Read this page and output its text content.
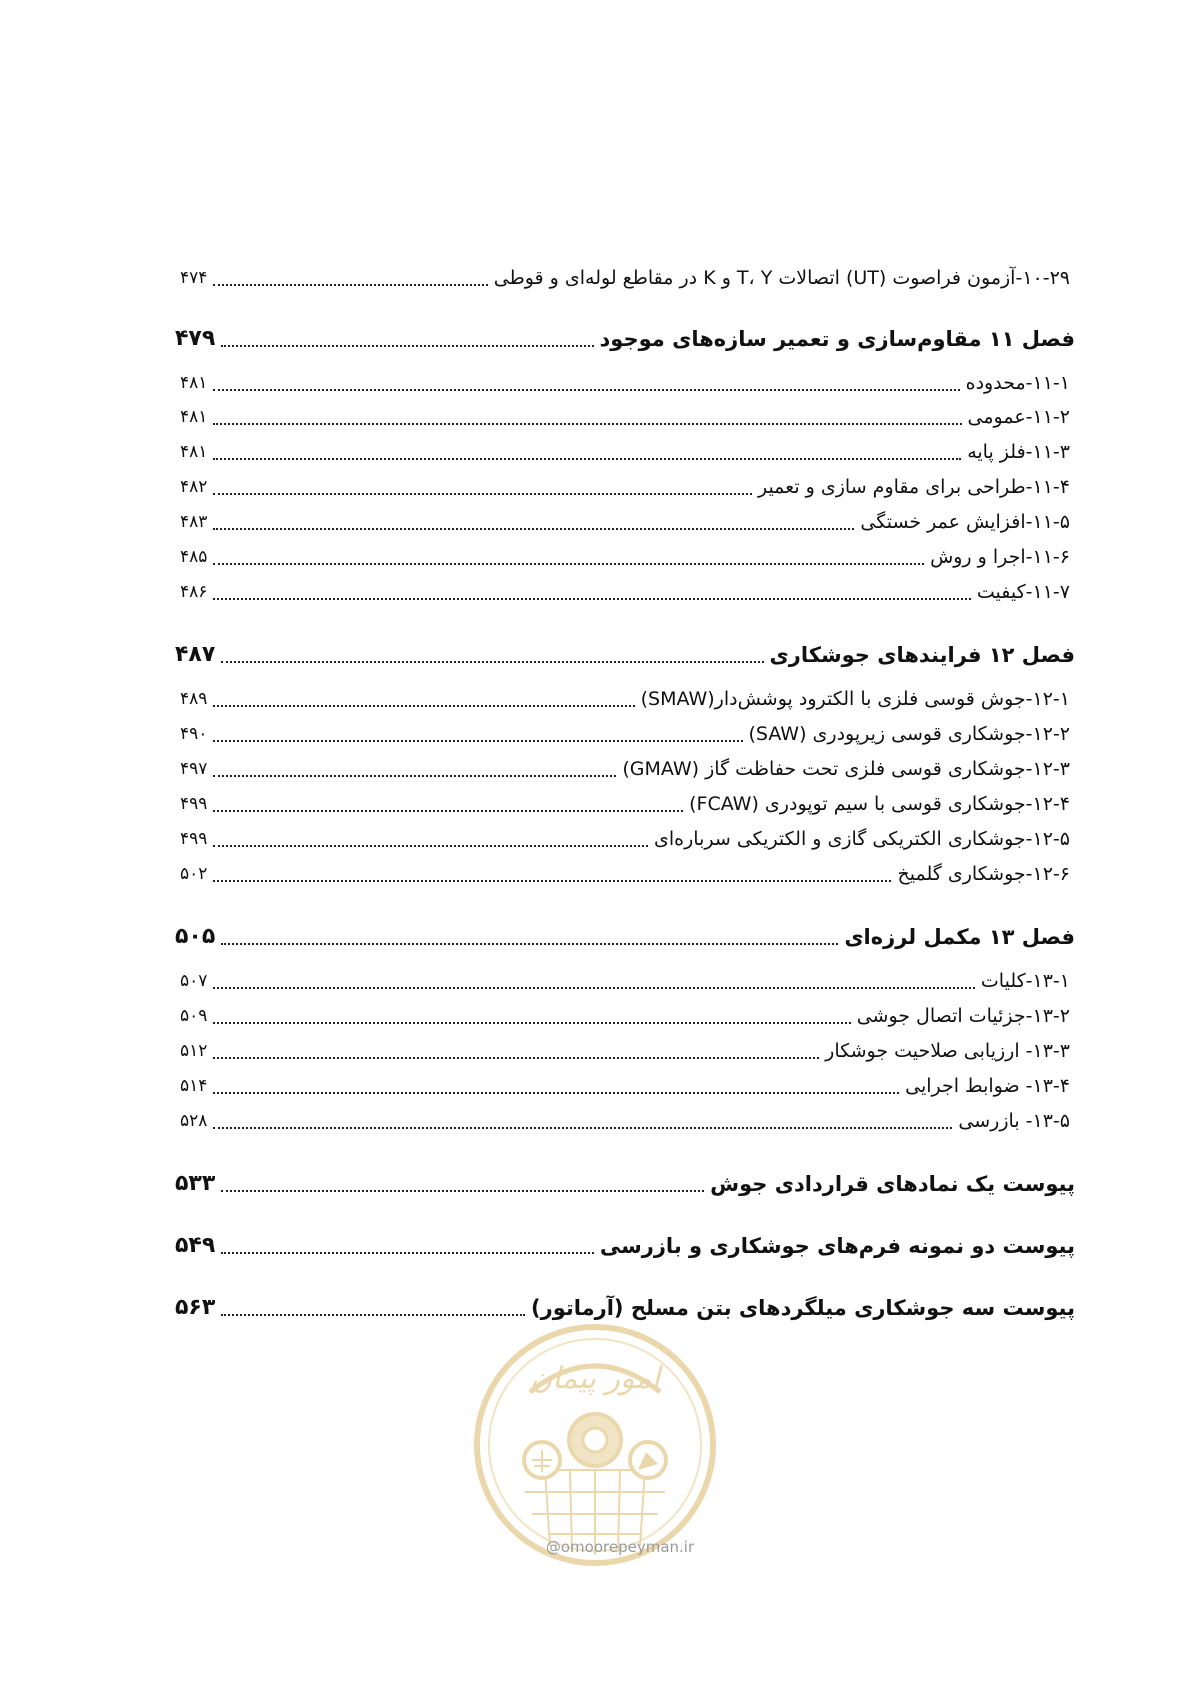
۱۰-۲۹-آزمون فراصوت (UT) اتصالات T، Y و K در مقاطع لوله‌ای و قوطی
۴۷۴
فصل ۱۱ مقاوم‌سازی و تعمیر سازه‌های موجود
۴۷۹
۱۱-۱-محدوده
۴۸۱
۱۱-۲-عمومی
۴۸۱
۱۱-۳-فلز پایه
۴۸۱
۱۱-۴-طراحی برای مقاوم سازی و تعمیر
۴۸۲
۱۱-۵-افزایش عمر خستگی
۴۸۳
۱۱-۶-اجرا و روش
۴۸۵
۱۱-۷-کیفیت
۴۸۶
فصل ۱۲ فرایندهای جوشکاری
۴۸۷
۱۲-۱-جوش قوسی فلزی با الکترود پوشش‌دار(SMAW)
۴۸۹
۱۲-۲-جوشکاری قوسی زیرپودری (SAW)
۴۹۰
۱۲-۳-جوشکاری قوسی فلزی تحت حفاظت گاز (GMAW)
۴۹۷
۱۲-۴-جوشکاری قوسی با سیم توپودری (FCAW)
۴۹۹
۱۲-۵-جوشکاری الکتریکی گازی و الکتریکی سرباره‌ای
۴۹۹
۱۲-۶-جوشکاری گلمیخ
۵۰۲
فصل ۱۳ مکمل لرزه‌ای
۵۰۵
۱۳-۱-کلیات
۵۰۷
۱۳-۲-جزئیات اتصال جوشی
۵۰۹
۱۳-۳- ارزیابی صلاحیت جوشکار
۵۱۲
۱۳-۴- ضوابط اجرایی
۵۱۴
۱۳-۵- بازرسی
۵۲۸
پیوست یک نمادهای قراردادی جوش
۵۳۳
پیوست دو نمونه فرم‌های جوشکاری و بازرسی
۵۴۹
پیوست سه جوشکاری میلگردهای بتن مسلح (آرماتور)
۵۶۳
امور پیمان
@omoorepeyman.ir
